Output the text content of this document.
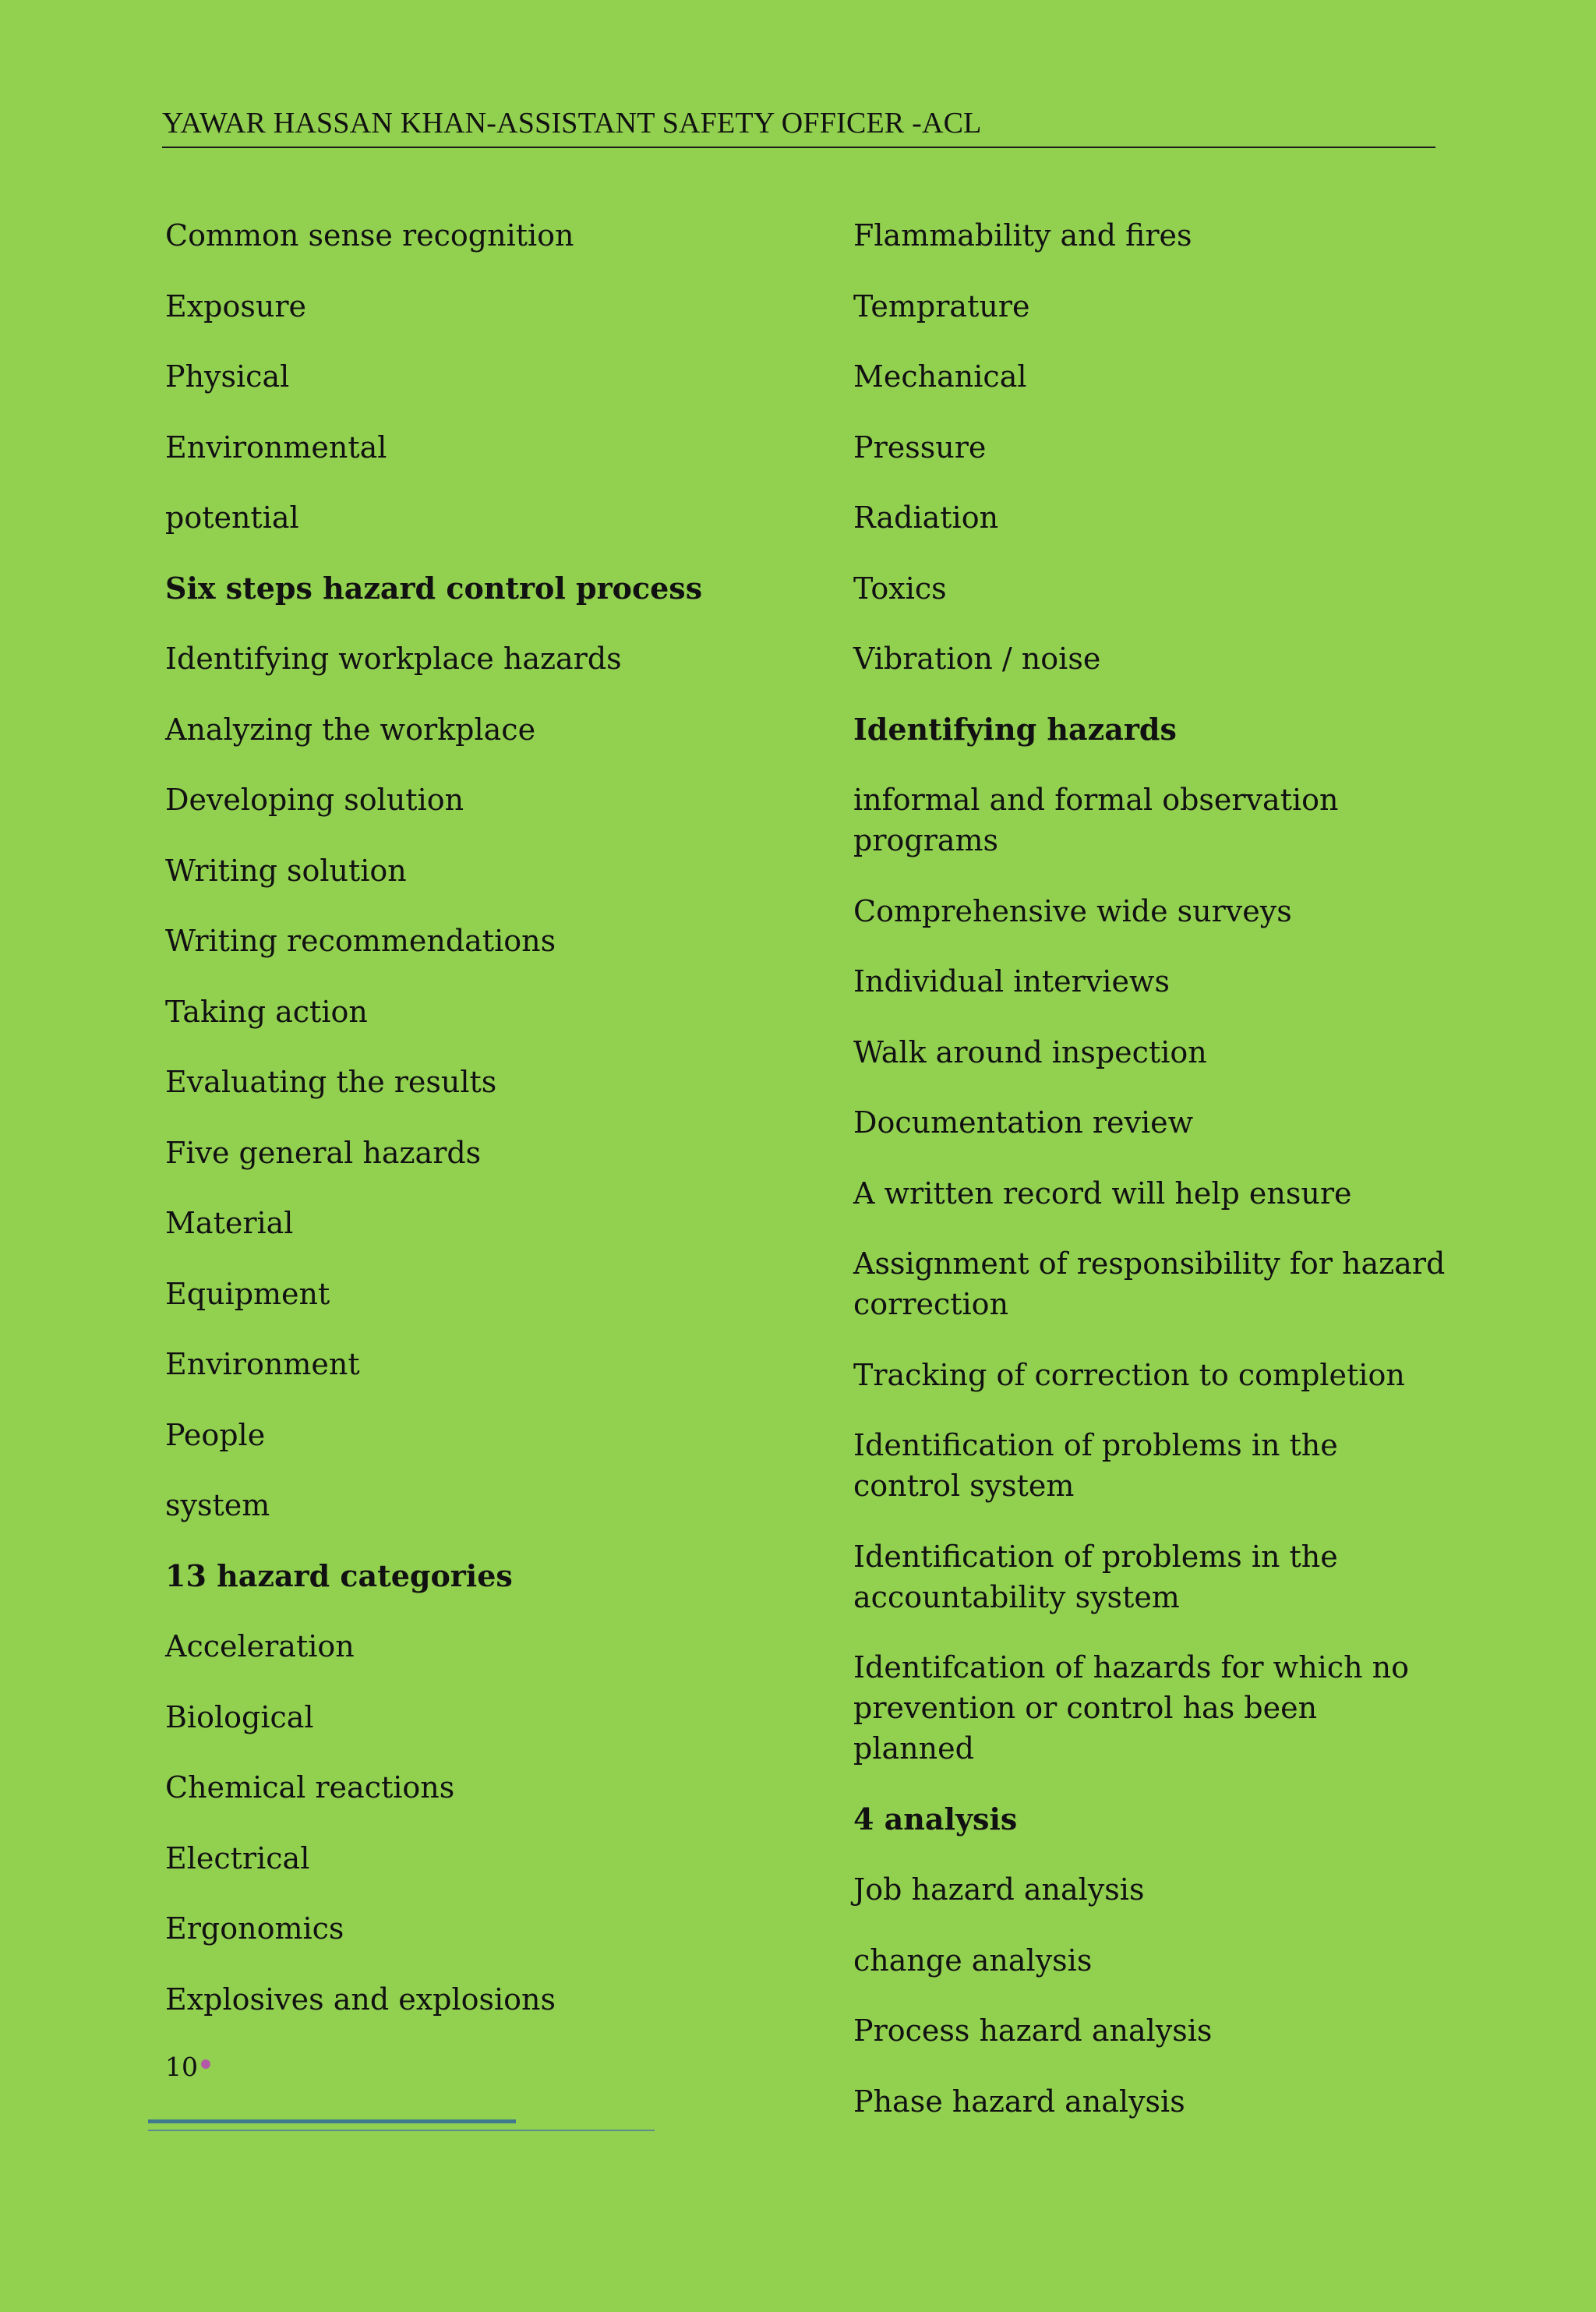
YAWAR HASSAN KHAN-ASSISTANT SAFETY OFFICER -ACL
Common sense recognition
Exposure
Physical
Environmental
potential
Six steps hazard control process
Identifying workplace hazards
Analyzing the workplace
Developing solution
Writing solution
Writing recommendations
Taking action
Evaluating the results
Five general hazards
Material
Equipment
Environment
People
system
13 hazard categories
Acceleration
Biological
Chemical reactions
Electrical
Ergonomics
Explosives and explosions
Flammability and fires
Temprature
Mechanical
Pressure
Radiation
Toxics
Vibration / noise
Identifying hazards
informal and formal observation programs
Comprehensive wide surveys
Individual interviews
Walk around inspection
Documentation review
A written record will help ensure
Assignment of responsibility for hazard correction
Tracking of correction to completion
Identification of problems in the control system
Identification of problems in the accountability system
Identifcation of hazards for which no prevention or control has been planned
4 analysis
Job hazard analysis
change analysis
Process hazard analysis
Phase hazard analysis
10
